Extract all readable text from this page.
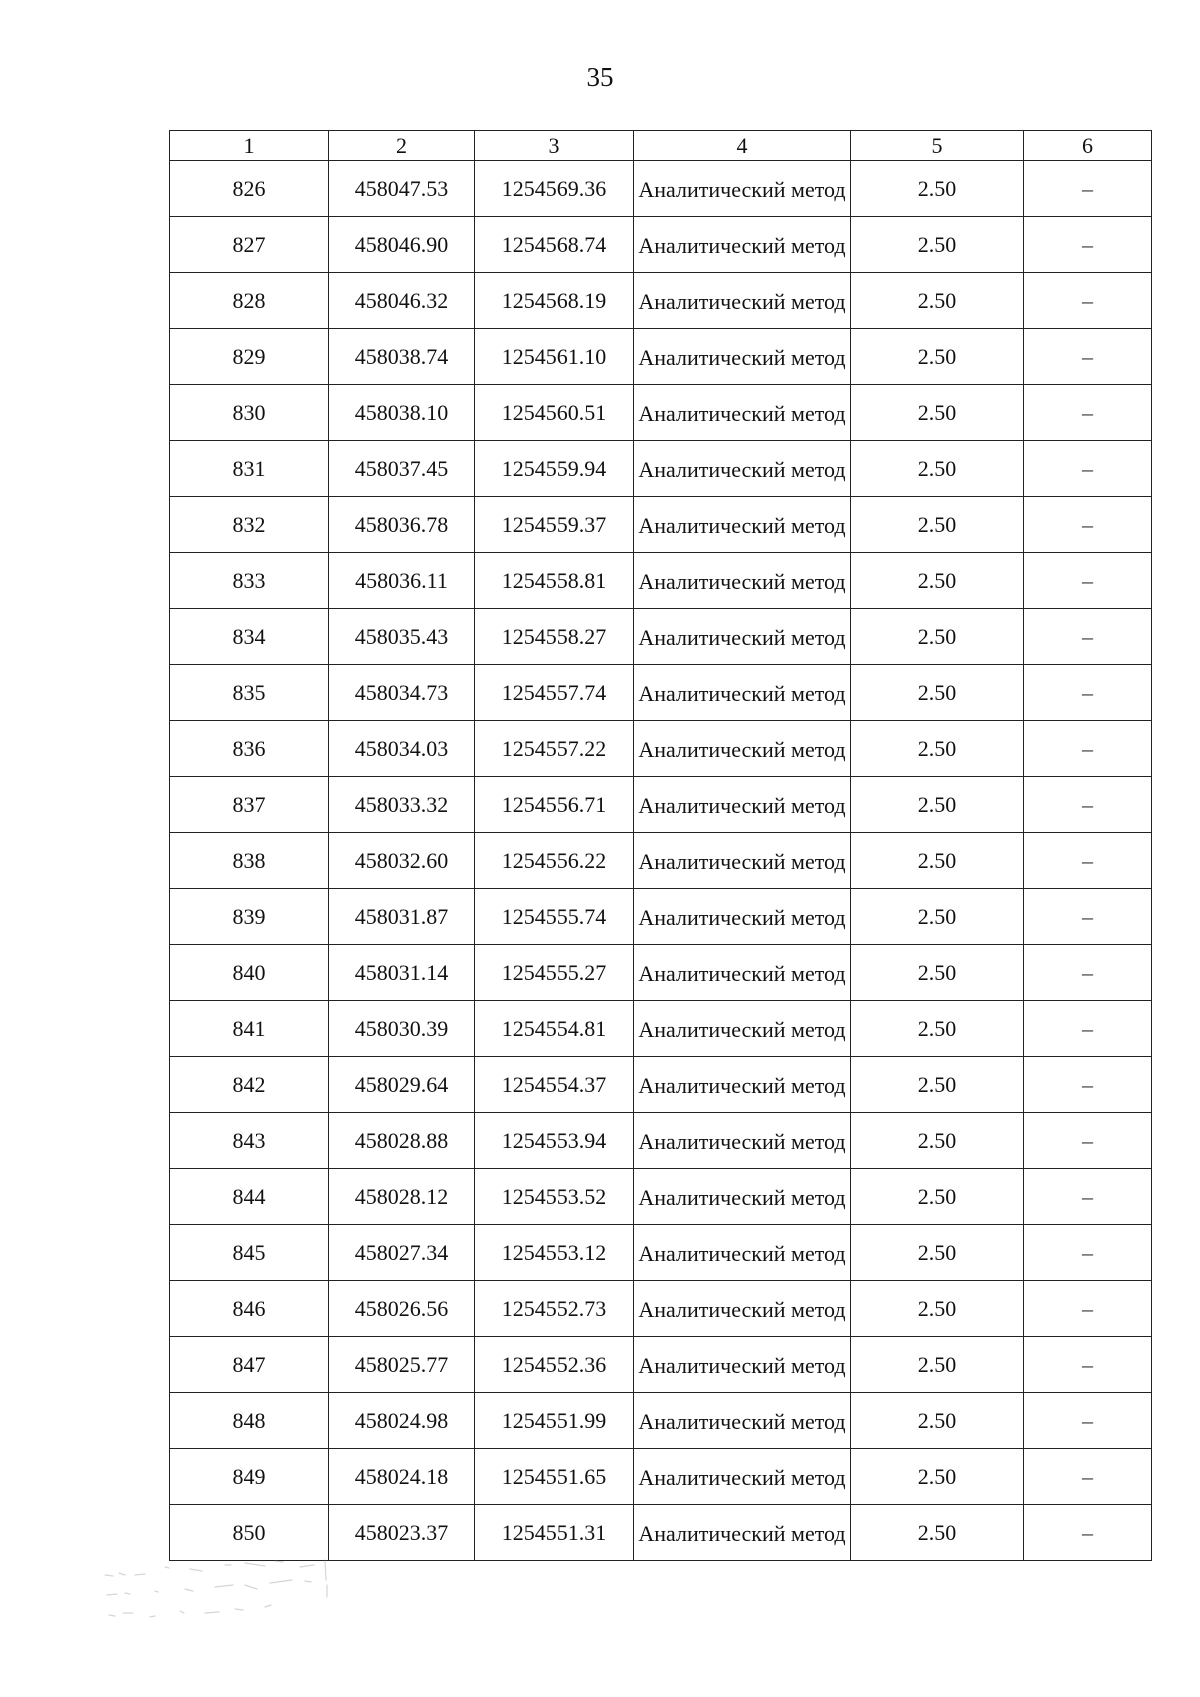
35
1	2	3	4	5	6
826	458047.53	1254569.36	Аналитический метод	2.50	–
827	458046.90	1254568.74	Аналитический метод	2.50	–
828	458046.32	1254568.19	Аналитический метод	2.50	–
829	458038.74	1254561.10	Аналитический метод	2.50	–
830	458038.10	1254560.51	Аналитический метод	2.50	–
831	458037.45	1254559.94	Аналитический метод	2.50	–
832	458036.78	1254559.37	Аналитический метод	2.50	–
833	458036.11	1254558.81	Аналитический метод	2.50	–
834	458035.43	1254558.27	Аналитический метод	2.50	–
835	458034.73	1254557.74	Аналитический метод	2.50	–
836	458034.03	1254557.22	Аналитический метод	2.50	–
837	458033.32	1254556.71	Аналитический метод	2.50	–
838	458032.60	1254556.22	Аналитический метод	2.50	–
839	458031.87	1254555.74	Аналитический метод	2.50	–
840	458031.14	1254555.27	Аналитический метод	2.50	–
841	458030.39	1254554.81	Аналитический метод	2.50	–
842	458029.64	1254554.37	Аналитический метод	2.50	–
843	458028.88	1254553.94	Аналитический метод	2.50	–
844	458028.12	1254553.52	Аналитический метод	2.50	–
845	458027.34	1254553.12	Аналитический метод	2.50	–
846	458026.56	1254552.73	Аналитический метод	2.50	–
847	458025.77	1254552.36	Аналитический метод	2.50	–
848	458024.98	1254551.99	Аналитический метод	2.50	–
849	458024.18	1254551.65	Аналитический метод	2.50	–
850	458023.37	1254551.31	Аналитический метод	2.50	–
